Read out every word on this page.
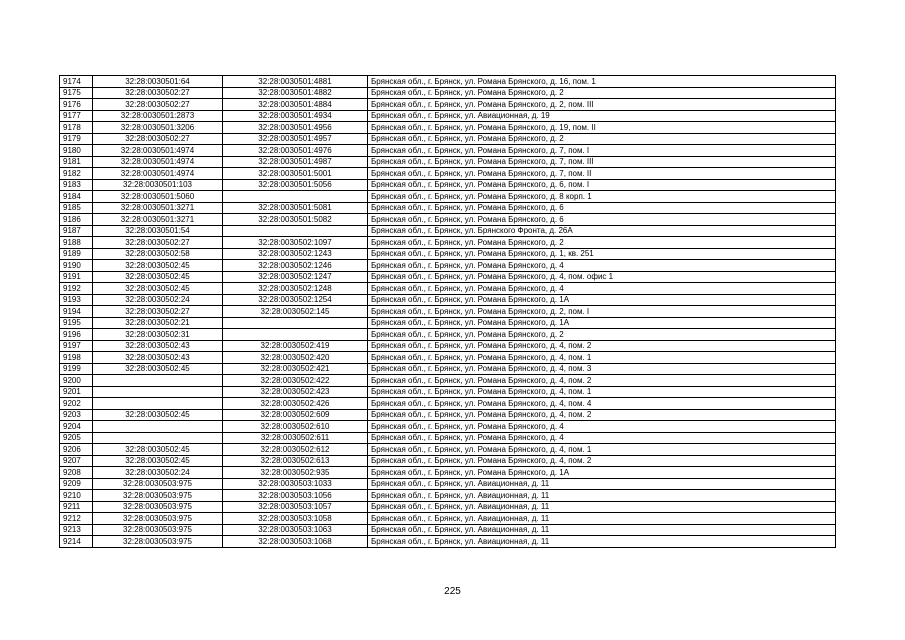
9174	32:28:0030501:64	32:28:0030501:4881	Брянская обл., г. Брянск, ул. Романа Брянского, д. 16, пом. 1
9175	32:28:0030502:27	32:28:0030501:4882	Брянская обл., г. Брянск, ул. Романа Брянского, д. 2
9176	32:28:0030502:27	32:28:0030501:4884	Брянская обл., г. Брянск, ул. Романа Брянского, д. 2, пом. III
9177	32:28:0030501:2873	32:28:0030501:4934	Брянская обл., г. Брянск, ул. Авиационная, д. 19
9178	32:28:0030501:3206	32:28:0030501:4956	Брянская обл., г. Брянск, ул. Романа Брянского, д. 19, пом. II
9179	32:28:0030502:27	32:28:0030501:4957	Брянская обл., г. Брянск, ул. Романа Брянского, д. 2
9180	32:28:0030501:4974	32:28:0030501:4976	Брянская обл., г. Брянск, ул. Романа Брянского, д. 7, пом. I
9181	32:28:0030501:4974	32:28:0030501:4987	Брянская обл., г. Брянск, ул. Романа Брянского, д. 7, пом. III
9182	32:28:0030501:4974	32:28:0030501:5001	Брянская обл., г. Брянск, ул. Романа Брянского, д. 7, пом. II
9183	32:28:0030501:103	32:28:0030501:5056	Брянская обл., г. Брянск, ул. Романа Брянского, д. 6, пом. I
9184	32:28:0030501:5060		Брянская обл., г. Брянск, ул. Романа Брянского, д. 8 корп. 1
9185	32:28:0030501:3271	32:28:0030501:5081	Брянская обл., г. Брянск, ул. Романа Брянского, д. 6
9186	32:28:0030501:3271	32:28:0030501:5082	Брянская обл., г. Брянск, ул. Романа Брянского, д. 6
9187	32:28:0030501:54		Брянская обл., г. Брянск, ул. Брянского Фронта, д. 26А
9188	32:28:0030502:27	32:28:0030502:1097	Брянская обл., г. Брянск, ул. Романа Брянского, д. 2
9189	32:28:0030502:58	32:28:0030502:1243	Брянская обл., г. Брянск, ул. Романа Брянского, д. 1, кв. 251
9190	32:28:0030502:45	32:28:0030502:1246	Брянская обл., г. Брянск, ул. Романа Брянского, д. 4
9191	32:28:0030502:45	32:28:0030502:1247	Брянская обл., г. Брянск, ул. Романа Брянского, д. 4, пом. офис 1
9192	32:28:0030502:45	32:28:0030502:1248	Брянская обл., г. Брянск, ул. Романа Брянского, д. 4
9193	32:28:0030502:24	32:28:0030502:1254	Брянская обл., г. Брянск, ул. Романа Брянского, д. 1А
9194	32:28:0030502:27	32:28:0030502:145	Брянская обл., г. Брянск, ул. Романа Брянского, д. 2, пом. I
9195	32:28:0030502:21		Брянская обл., г. Брянск, ул. Романа Брянского, д. 1А
9196	32:28:0030502:31		Брянская обл., г. Брянск, ул. Романа Брянского, д. 2
9197	32:28:0030502:43	32:28:0030502:419	Брянская обл., г. Брянск, ул. Романа Брянского, д. 4, пом. 2
9198	32:28:0030502:43	32:28:0030502:420	Брянская обл., г. Брянск, ул. Романа Брянского, д. 4, пом. 1
9199	32:28:0030502:45	32:28:0030502:421	Брянская обл., г. Брянск, ул. Романа Брянского, д. 4, пом. 3
9200		32:28:0030502:422	Брянская обл., г. Брянск, ул. Романа Брянского, д. 4, пом. 2
9201		32:28:0030502:423	Брянская обл., г. Брянск, ул. Романа Брянского, д. 4, пом. 1
9202		32:28:0030502:426	Брянская обл., г. Брянск, ул. Романа Брянского, д. 4, пом. 4
9203	32:28:0030502:45	32:28:0030502:609	Брянская обл., г. Брянск, ул. Романа Брянского, д. 4, пом. 2
9204		32:28:0030502:610	Брянская обл., г. Брянск, ул. Романа Брянского, д. 4
9205		32:28:0030502:611	Брянская обл., г. Брянск, ул. Романа Брянского, д. 4
9206	32:28:0030502:45	32:28:0030502:612	Брянская обл., г. Брянск, ул. Романа Брянского, д. 4, пом. 1
9207	32:28:0030502:45	32:28:0030502:613	Брянская обл., г. Брянск, ул. Романа Брянского, д. 4, пом. 2
9208	32:28:0030502:24	32:28:0030502:935	Брянская обл., г. Брянск, ул. Романа Брянского, д. 1А
9209	32:28:0030503:975	32:28:0030503:1033	Брянская обл., г. Брянск, ул. Авиационная, д. 11
9210	32:28:0030503:975	32:28:0030503:1056	Брянская обл., г. Брянск, ул. Авиационная, д. 11
9211	32:28:0030503:975	32:28:0030503:1057	Брянская обл., г. Брянск, ул. Авиационная, д. 11
9212	32:28:0030503:975	32:28:0030503:1058	Брянская обл., г. Брянск, ул. Авиационная, д. 11
9213	32:28:0030503:975	32:28:0030503:1063	Брянская обл., г. Брянск, ул. Авиационная, д. 11
9214	32:28:0030503:975	32:28:0030503:1068	Брянская обл., г. Брянск, ул. Авиационная, д. 11
225
